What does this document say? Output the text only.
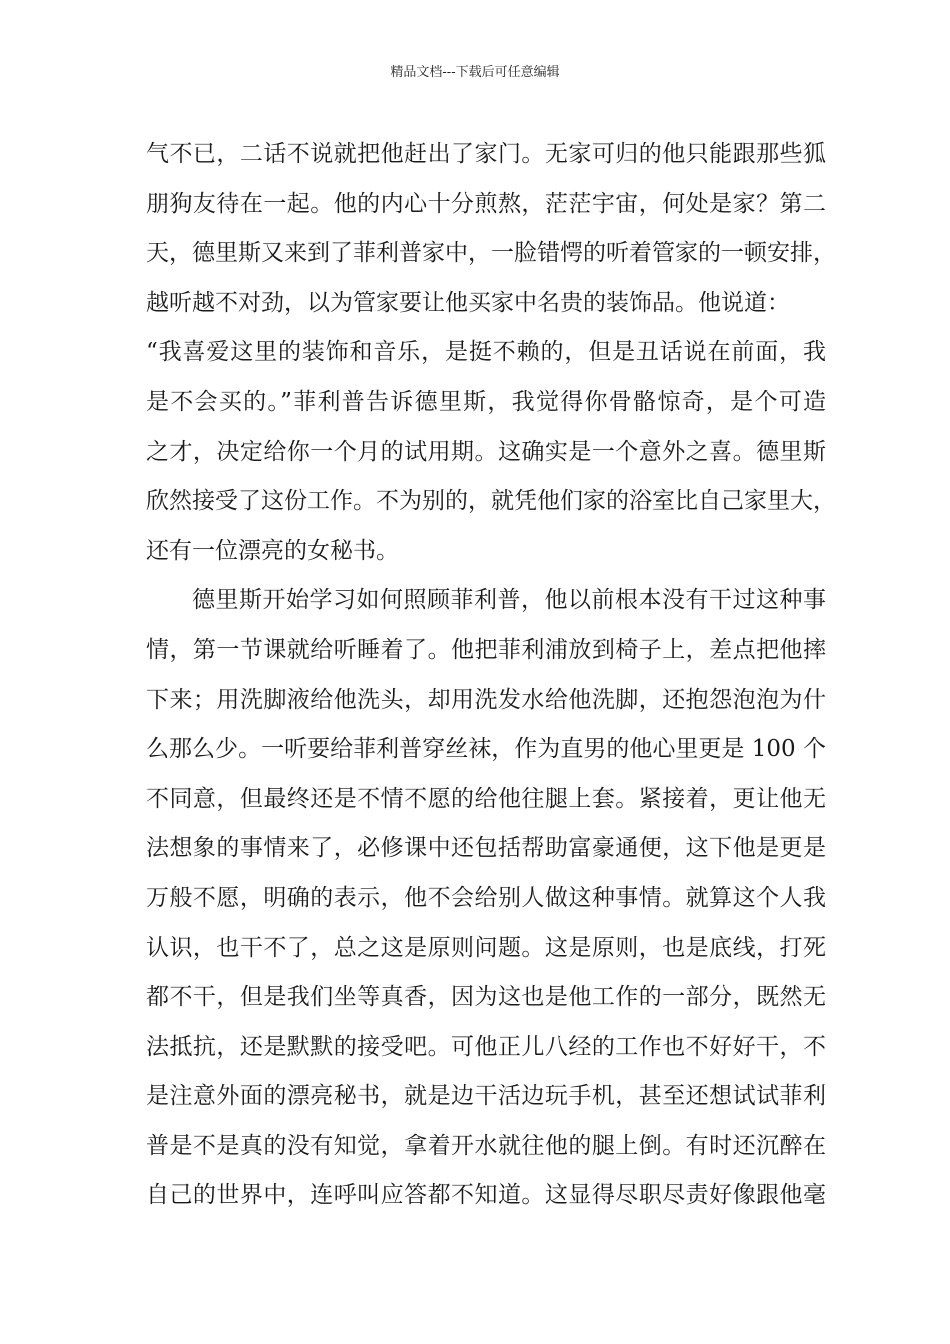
精品文档---下载后可任意编辑
气不已，二话不说就把他赶出了家门。无家可归的他只能跟那些狐
朋狗友待在一起。他的内心十分煎熬，茫茫宇宙，何处是家？第二
天，德里斯又来到了菲利普家中，一脸错愕的听着管家的一顿安排，
越听越不对劲，以为管家要让他买家中名贵的装饰品。他说道：
“我喜爱这里的装饰和音乐，是挺不赖的，但是丑话说在前面，我
是不会买的。”菲利普告诉德里斯，我觉得你骨骼惊奇，是个可造
之才，决定给你一个月的试用期。这确实是一个意外之喜。德里斯
欣然接受了这份工作。不为别的，就凭他们家的浴室比自己家里大，
还有一位漂亮的女秘书。
德里斯开始学习如何照顾菲利普，他以前根本没有干过这种事
情，第一节课就给听睡着了。他把菲利浦放到椅子上，差点把他摔
下来；用洗脚液给他洗头，却用洗发水给他洗脚，还抱怨泡泡为什
么那么少。一听要给菲利普穿丝袜，作为直男的他心里更是 100 个
不同意，但最终还是不情不愿的给他往腿上套。紧接着，更让他无
法想象的事情来了，必修课中还包括帮助富豪通便，这下他是更是
万般不愿，明确的表示，他不会给别人做这种事情。就算这个人我
认识，也干不了，总之这是原则问题。这是原则，也是底线，打死
都不干，但是我们坐等真香，因为这也是他工作的一部分，既然无
法抵抗，还是默默的接受吧。可他正儿八经的工作也不好好干，不
是注意外面的漂亮秘书，就是边干活边玩手机，甚至还想试试菲利
普是不是真的没有知觉，拿着开水就往他的腿上倒。有时还沉醉在
自己的世界中，连呼叫应答都不知道。这显得尽职尽责好像跟他毫
